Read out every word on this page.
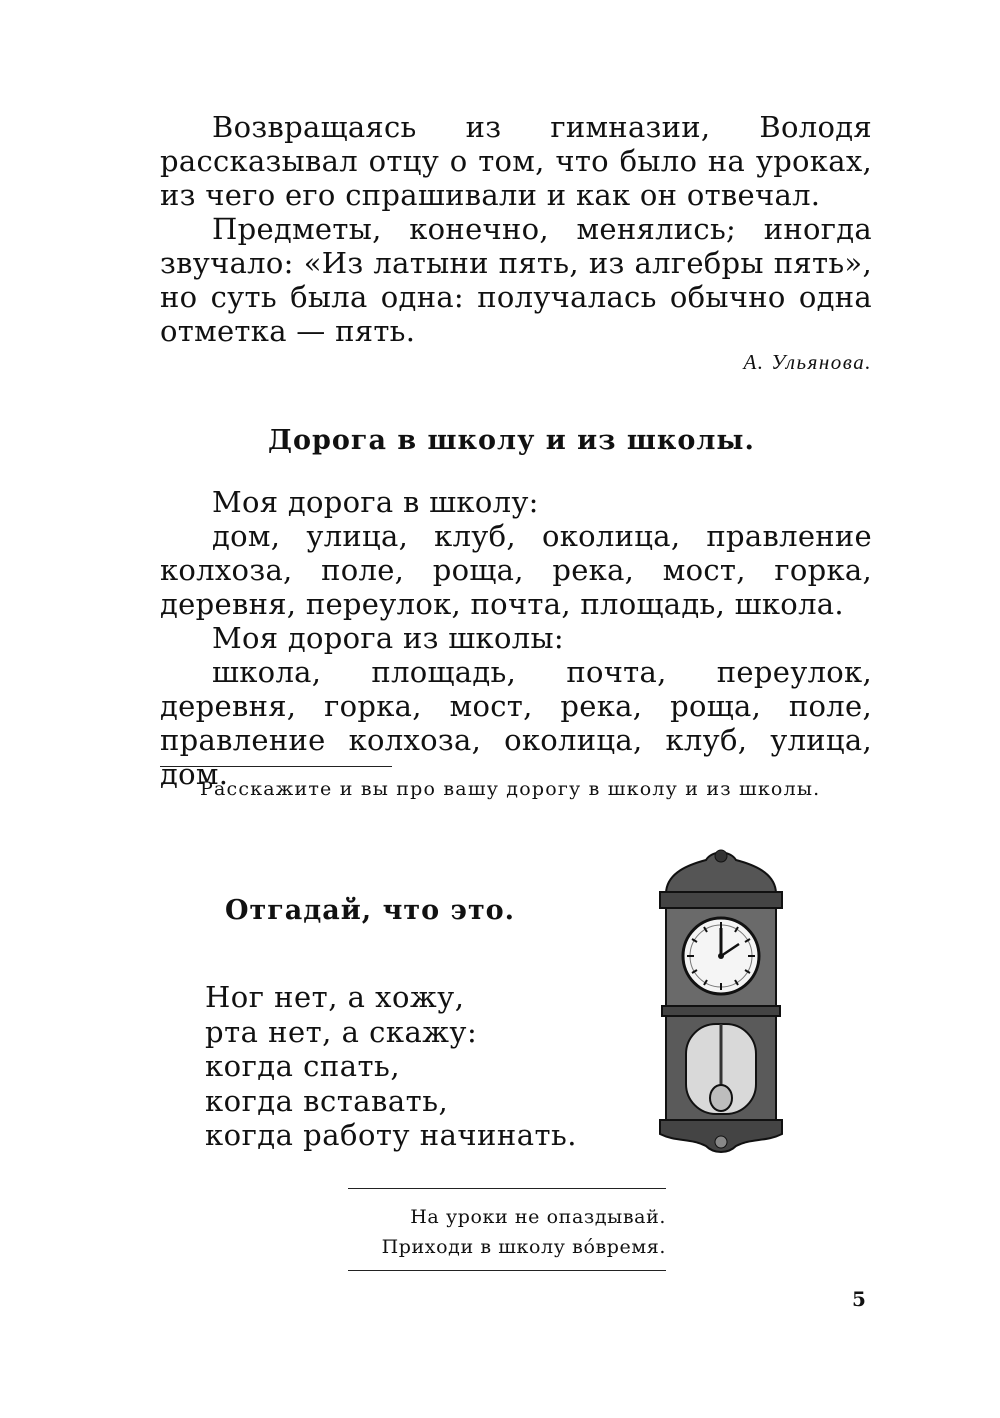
Возвращаясь из гимназии, Володя рассказывал отцу о том, что было на уроках, из чего его спрашивали и как он отвечал.

Предметы, конечно, менялись; иногда звучало: «Из латыни пять, из алгебры пять», но суть была одна: получалась обычно одна отметка — пять.

А. Ульянова.
Дорога в школу и из школы.

Моя дорога в школу:

дом, улица, клуб, околица, правление колхоза, поле, роща, река, мост, горка, деревня, переулок, почта, площадь, школа.

Моя дорога из школы:

школа, площадь, почта, переулок, деревня, горка, мост, река, роща, поле, правление колхоза, околица, клуб, улица, дом.

Расскажите и вы про вашу дорогу в школу и из школы.

Отгадай, что это.
Ног нет, а хожу,
рта нет, а скажу:
когда спать,
когда вставать,
когда работу начинать.
На уроки не опаздывай.
Приходи в школу во́время.
5
